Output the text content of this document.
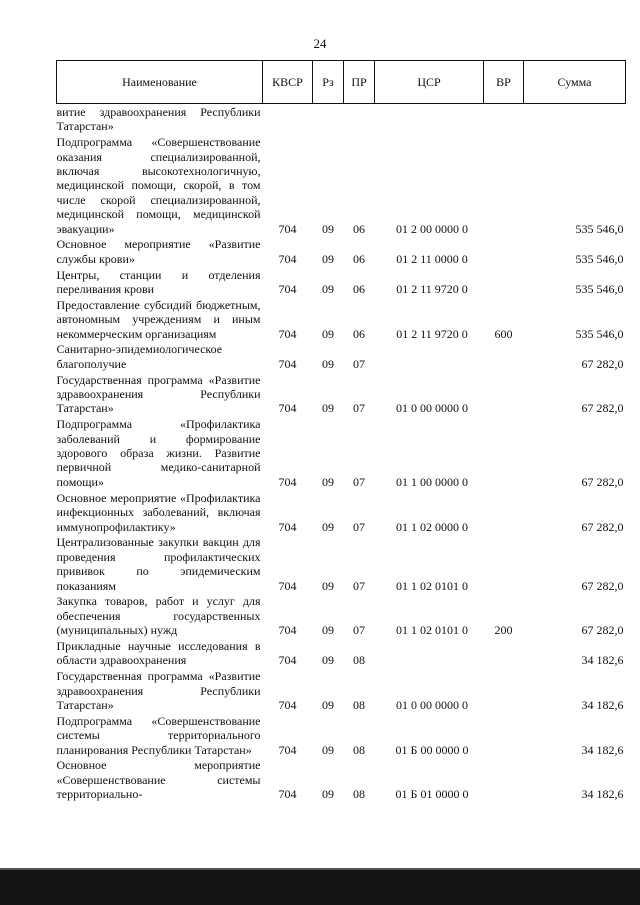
24
Наименование	КВСР	Рз	ПР	ЦСР	ВР	Сумма
витие здравоохранения Республики Татарстан»						
Подпрограмма «Совершенствование оказания специализированной, включая высокотехнологичную, медицинской помощи, скорой, в том числе скорой специализированной, медицинской помощи, медицинской эвакуации»	704	09	06	01 2 00 0000 0		535 546,0
Основное мероприятие «Развитие службы крови»	704	09	06	01 2 11 0000 0		535 546,0
Центры, станции и отделения переливания крови	704	09	06	01 2 11 9720 0		535 546,0
Предоставление субсидий бюджетным, автономным учреждениям и иным некоммерческим организациям	704	09	06	01 2 11 9720 0	600	535 546,0
Санитарно-эпидемиологическое благополучие	704	09	07			67 282,0
Государственная программа «Развитие здравоохранения Республики Татарстан»	704	09	07	01 0 00 0000 0		67 282,0
Подпрограмма «Профилактика заболеваний и формирование здорового образа жизни. Развитие первичной медико-санитарной помощи»	704	09	07	01 1 00 0000 0		67 282,0
Основное мероприятие «Профилактика инфекционных заболеваний, включая иммунопрофилактику»	704	09	07	01 1 02 0000 0		67 282,0
Централизованные закупки вакцин для проведения профилактических прививок по эпидемическим показаниям	704	09	07	01 1 02 0101 0		67 282,0
Закупка товаров, работ и услуг для обеспечения государственных (муниципальных) нужд	704	09	07	01 1 02 0101 0	200	67 282,0
Прикладные научные исследования в области здравоохранения	704	09	08			34 182,6
Государственная программа «Развитие здравоохранения Республики Татарстан»	704	09	08	01 0 00 0000 0		34 182,6
Подпрограмма «Совершенствование системы территориального планирования Республики Татарстан»	704	09	08	01 Б 00 0000 0		34 182,6
Основное мероприятие «Совершенствование системы территориально-	704	09	08	01 Б 01 0000 0		34 182,6
